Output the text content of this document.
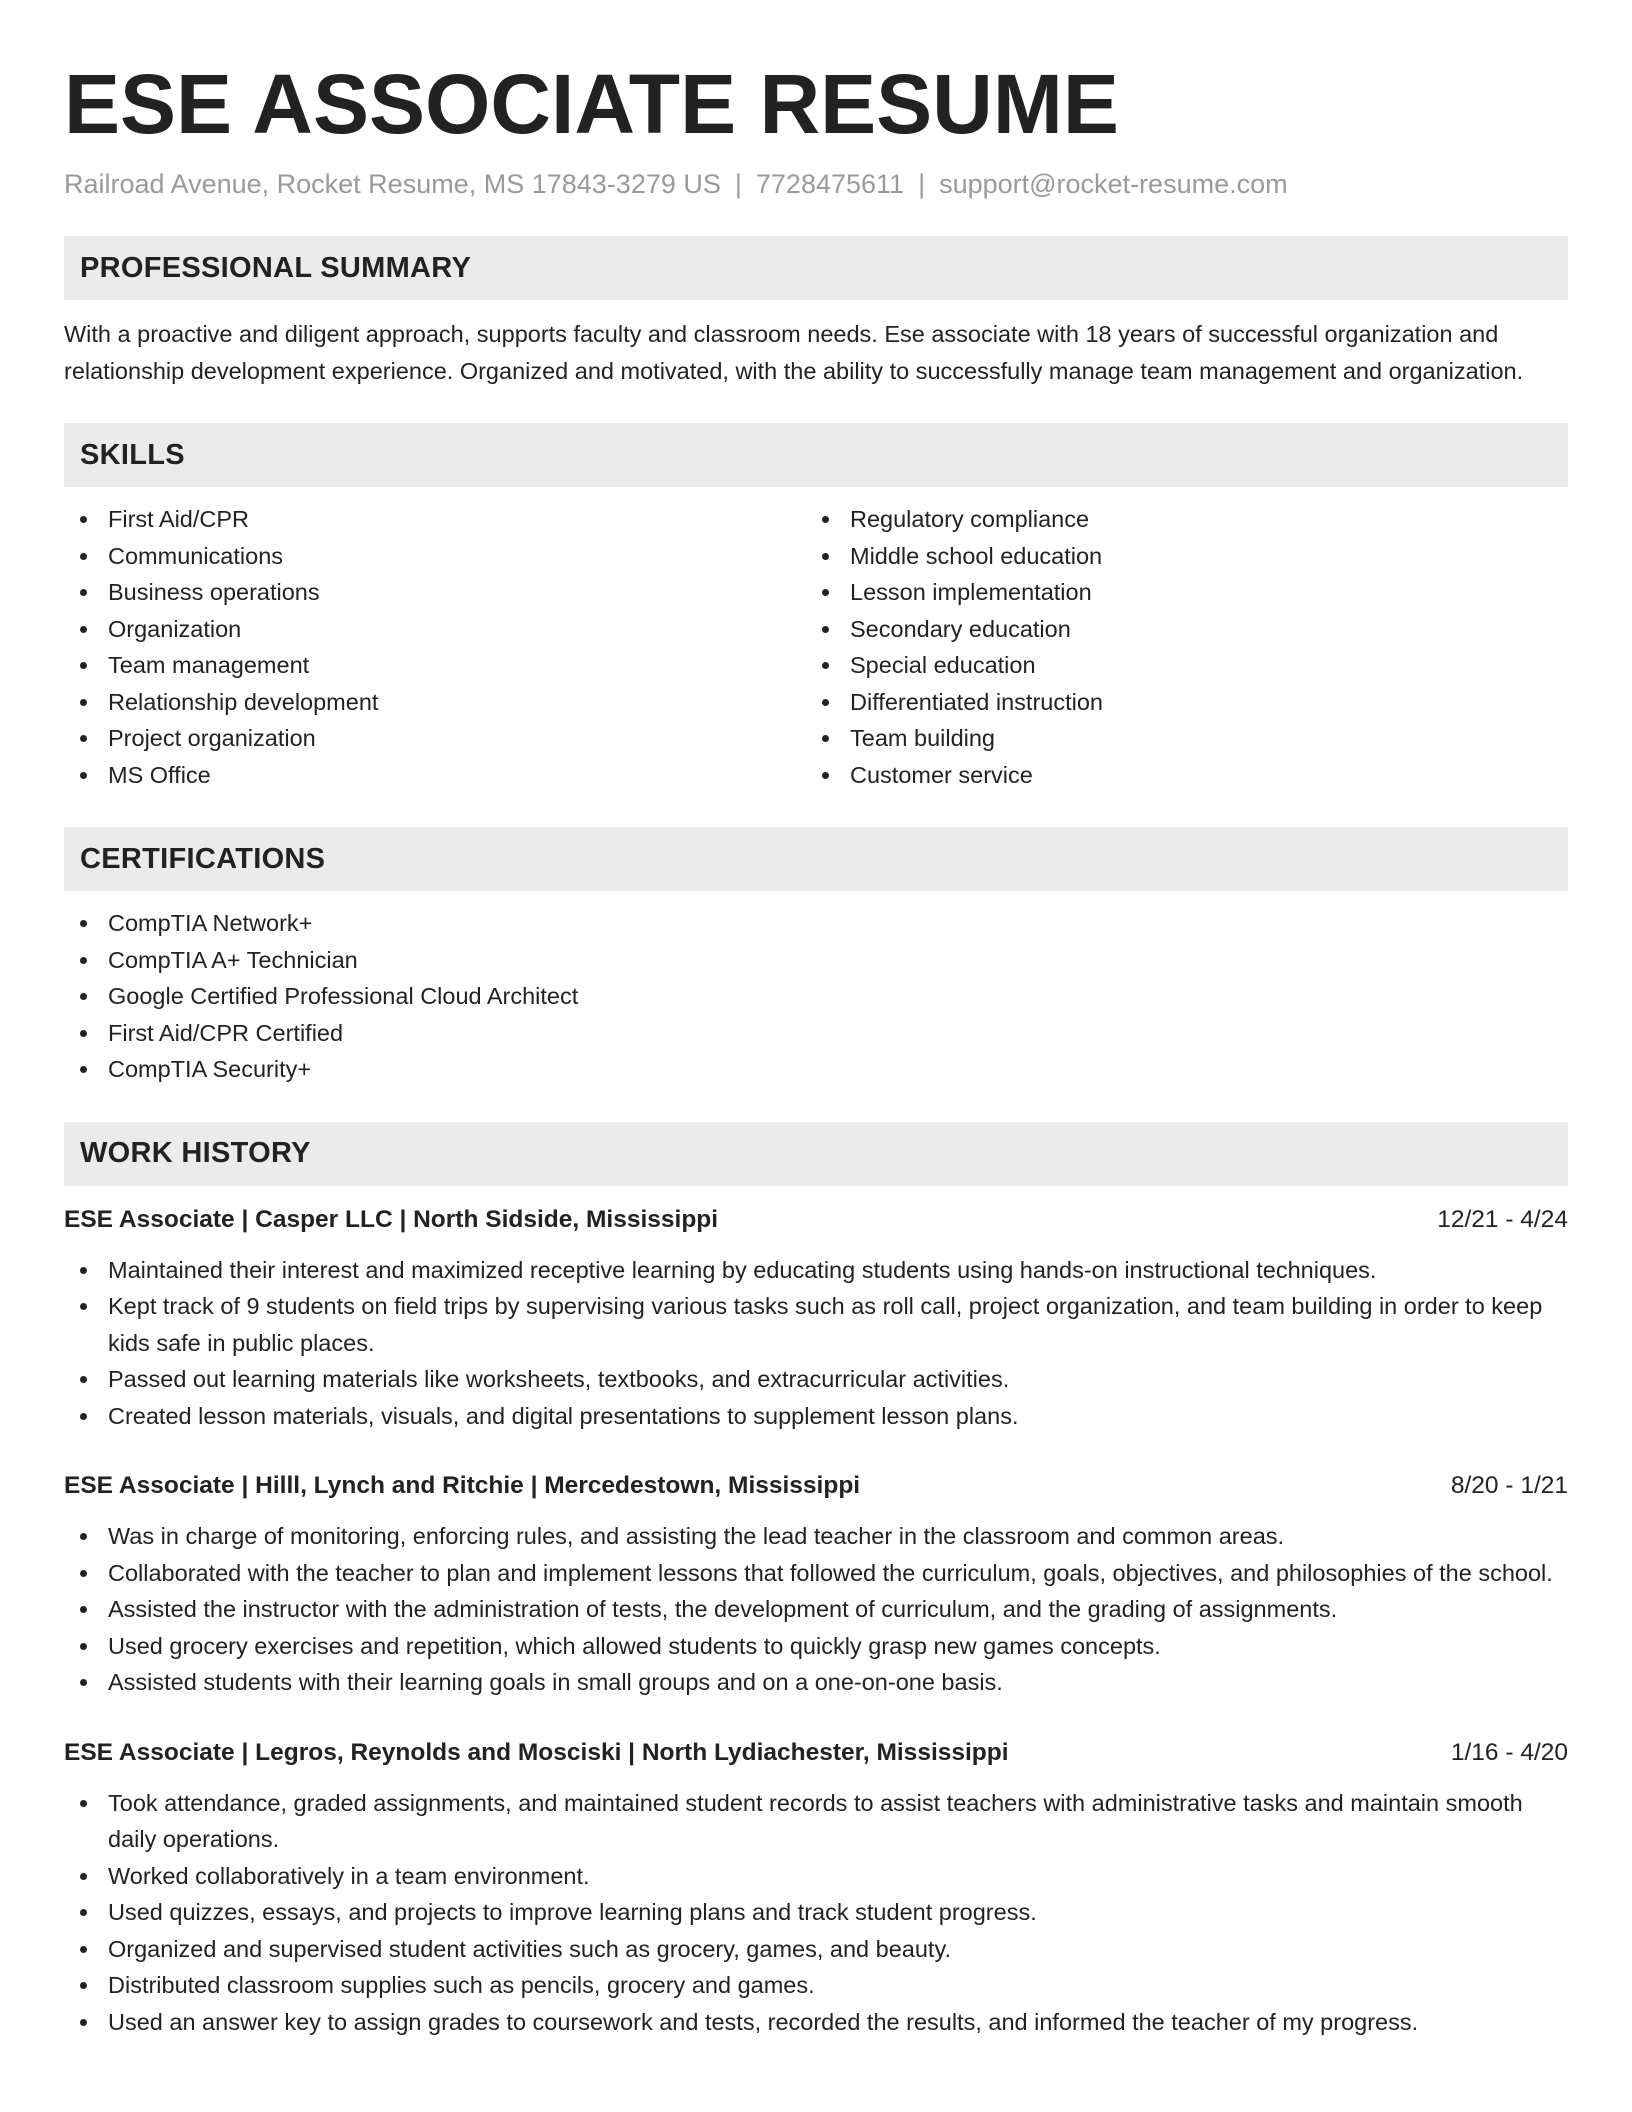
ESE ASSOCIATE RESUME
Railroad Avenue, Rocket Resume, MS 17843-3279 US | 7728475611 | support@rocket-resume.com
PROFESSIONAL SUMMARY

With a proactive and diligent approach, supports faculty and classroom needs. Ese associate with 18 years of successful organization and relationship development experience. Organized and motivated, with the ability to successfully manage team management and organization.

SKILLS
First Aid/CPR
Communications
Business operations
Organization
Team management
Relationship development
Project organization
MS Office
Regulatory compliance
Middle school education
Lesson implementation
Secondary education
Special education
Differentiated instruction
Team building
Customer service
CERTIFICATIONS
CompTIA Network+
CompTIA A+ Technician
Google Certified Professional Cloud Architect
First Aid/CPR Certified
CompTIA Security+
WORK HISTORY
ESE Associate | Casper LLC | North Sidside, Mississippi	12/21 - 4/24
Maintained their interest and maximized receptive learning by educating students using hands-on instructional techniques.
Kept track of 9 students on field trips by supervising various tasks such as roll call, project organization, and team building in order to keep kids safe in public places.
Passed out learning materials like worksheets, textbooks, and extracurricular activities.
Created lesson materials, visuals, and digital presentations to supplement lesson plans.
ESE Associate | Hilll, Lynch and Ritchie | Mercedestown, Mississippi	8/20 - 1/21
Was in charge of monitoring, enforcing rules, and assisting the lead teacher in the classroom and common areas.
Collaborated with the teacher to plan and implement lessons that followed the curriculum, goals, objectives, and philosophies of the school.
Assisted the instructor with the administration of tests, the development of curriculum, and the grading of assignments.
Used grocery exercises and repetition, which allowed students to quickly grasp new games concepts.
Assisted students with their learning goals in small groups and on a one-on-one basis.
ESE Associate | Legros, Reynolds and Mosciski | North Lydiachester, Mississippi	1/16 - 4/20
Took attendance, graded assignments, and maintained student records to assist teachers with administrative tasks and maintain smooth daily operations.
Worked collaboratively in a team environment.
Used quizzes, essays, and projects to improve learning plans and track student progress.
Organized and supervised student activities such as grocery, games, and beauty.
Distributed classroom supplies such as pencils, grocery and games.
Used an answer key to assign grades to coursework and tests, recorded the results, and informed the teacher of my progress.
